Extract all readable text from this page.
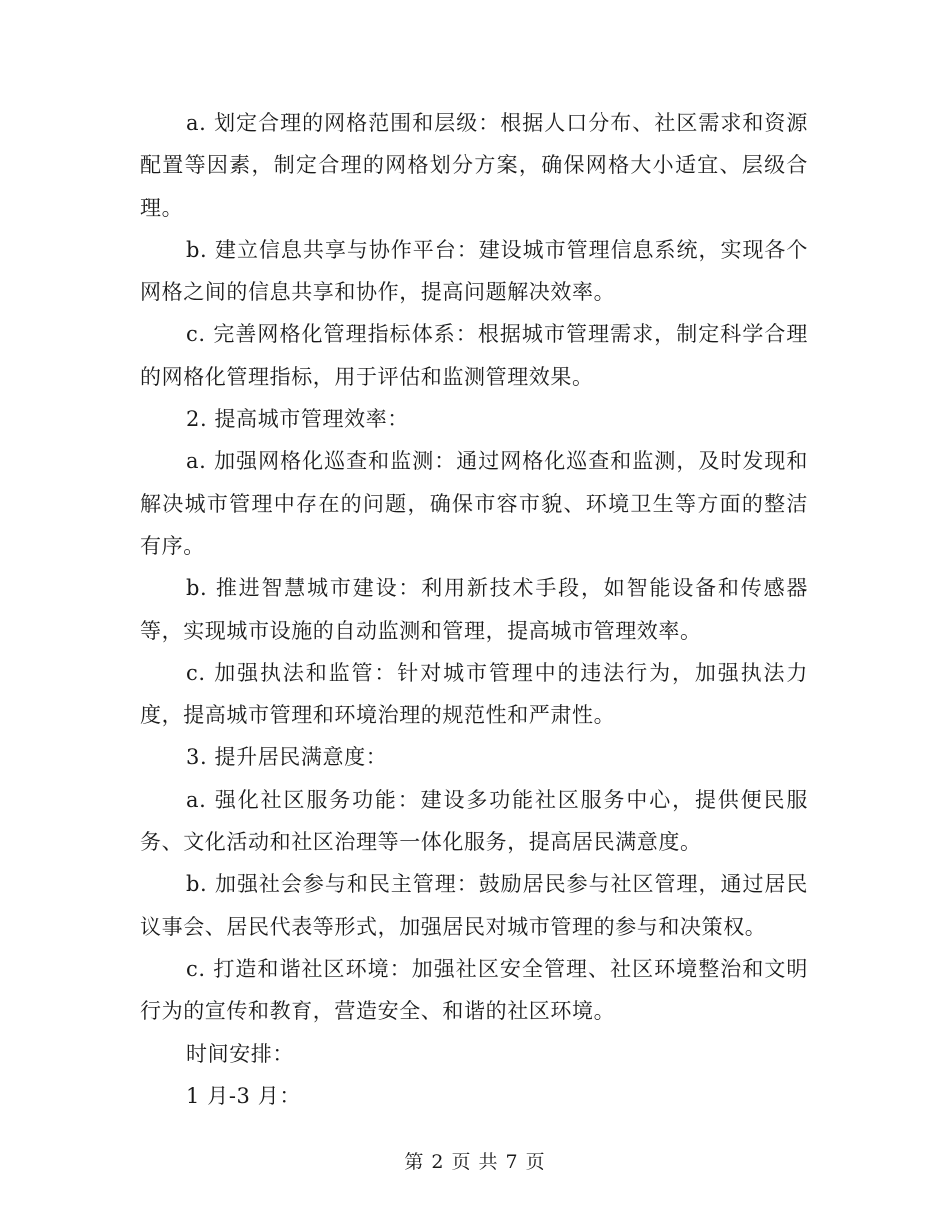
a. 划定合理的网格范围和层级：根据人口分布、社区需求和资源配置等因素，制定合理的网格划分方案，确保网格大小适宜、层级合理。

b. 建立信息共享与协作平台：建设城市管理信息系统，实现各个网格之间的信息共享和协作，提高问题解决效率。

c. 完善网格化管理指标体系：根据城市管理需求，制定科学合理的网格化管理指标，用于评估和监测管理效果。

2. 提高城市管理效率：

a. 加强网格化巡查和监测：通过网格化巡查和监测，及时发现和解决城市管理中存在的问题，确保市容市貌、环境卫生等方面的整洁有序。

b. 推进智慧城市建设：利用新技术手段，如智能设备和传感器等，实现城市设施的自动监测和管理，提高城市管理效率。

c. 加强执法和监管：针对城市管理中的违法行为，加强执法力度，提高城市管理和环境治理的规范性和严肃性。

3. 提升居民满意度：

a. 强化社区服务功能：建设多功能社区服务中心，提供便民服务、文化活动和社区治理等一体化服务，提高居民满意度。

b. 加强社会参与和民主管理：鼓励居民参与社区管理，通过居民议事会、居民代表等形式，加强居民对城市管理的参与和决策权。

c. 打造和谐社区环境：加强社区安全管理、社区环境整治和文明行为的宣传和教育，营造安全、和谐的社区环境。

时间安排：

1 月-3 月：

第 2 页 共 7 页
